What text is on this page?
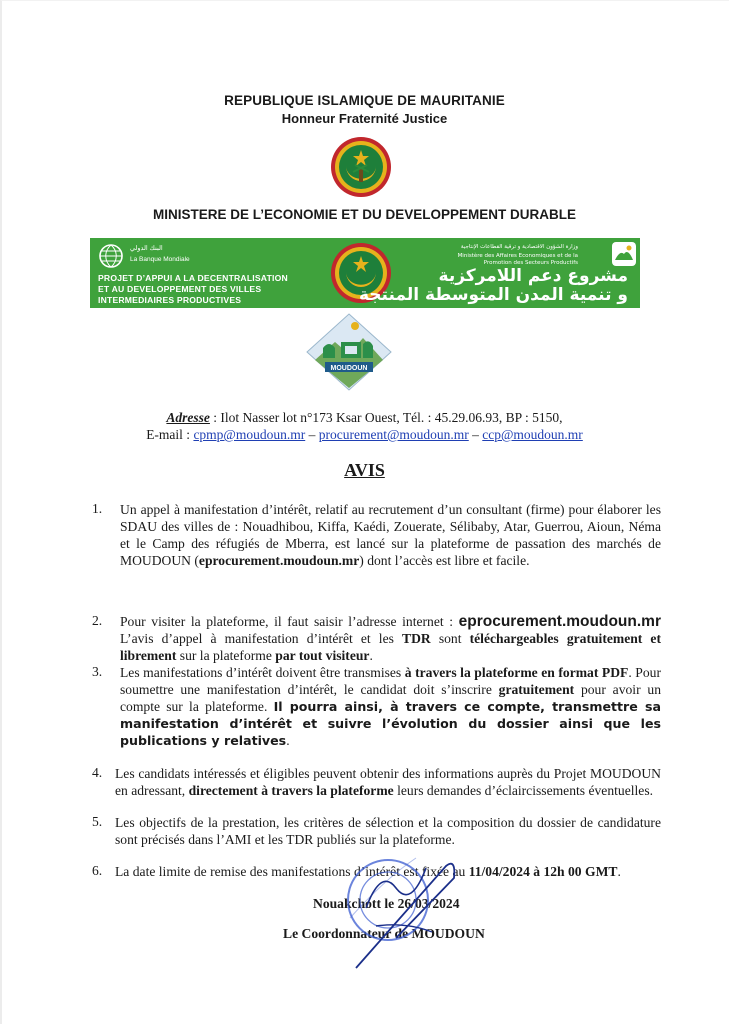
REPUBLIQUE ISLAMIQUE DE MAURITANIE
Honneur Fraternité Justice
MINISTERE DE L’ECONOMIE ET DU DEVELOPPEMENT DURABLE
البنك الدولي
La Banque Mondiale
PROJET D’APPUI A LA DECENTRALISATION
ET AU DEVELOPPEMENT DES VILLES
INTERMEDIAIRES PRODUCTIVES
وزارة الشؤون الاقتصادية و ترقية القطاعات الإنتاجية
Ministère des Affaires Economiques et de la
Promotion des Secteurs Productifs
مشروع دعم اللامركزية
و تنمية المدن المتوسطة المنتجة
MOUDOUN
Adresse : Ilot Nasser lot n°173 Ksar Ouest, Tél. : 45.29.06.93, BP : 5150,
E-mail : cpmp@moudoun.mr – procurement@moudoun.mr – ccp@moudoun.mr
AVIS
1. Un appel à manifestation d’intérêt, relatif au recrutement d’un consultant (firme) pour élaborer les SDAU des villes de : Nouadhibou, Kiffa, Kaédi, Zouerate, Sélibaby, Atar, Guerrou, Aioun, Néma et le Camp des réfugiés de Mberra, est lancé sur la plateforme de passation des marchés de MOUDOUN (eprocurement.moudoun.mr) dont l’accès est libre et facile.
2. Pour visiter la plateforme, il faut saisir l’adresse internet : eprocurement.moudoun.mr L’avis d’appel à manifestation d’intérêt et les TDR sont téléchargeables gratuitement et librement sur la plateforme par tout visiteur.
3. Les manifestations d’intérêt doivent être transmises à travers la plateforme en format PDF. Pour soumettre une manifestation d’intérêt, le candidat doit s’inscrire gratuitement pour avoir un compte sur la plateforme. Il pourra ainsi, à travers ce compte, transmettre sa manifestation d’intérêt et suivre l’évolution du dossier ainsi que les publications y relatives.
4. Les candidats intéressés et éligibles peuvent obtenir des informations auprès du Projet MOUDOUN en adressant, directement à travers la plateforme leurs demandes d’éclaircissements éventuelles.
5. Les objectifs de la prestation, les critères de sélection et la composition du dossier de candidature sont précisés dans l’AMI et les TDR publiés sur la plateforme.
6. La date limite de remise des manifestations d’intérêt est fixée au 11/04/2024 à 12h 00 GMT.
Nouakchott le 26/03/2024
Le Coordonnateur de MOUDOUN
